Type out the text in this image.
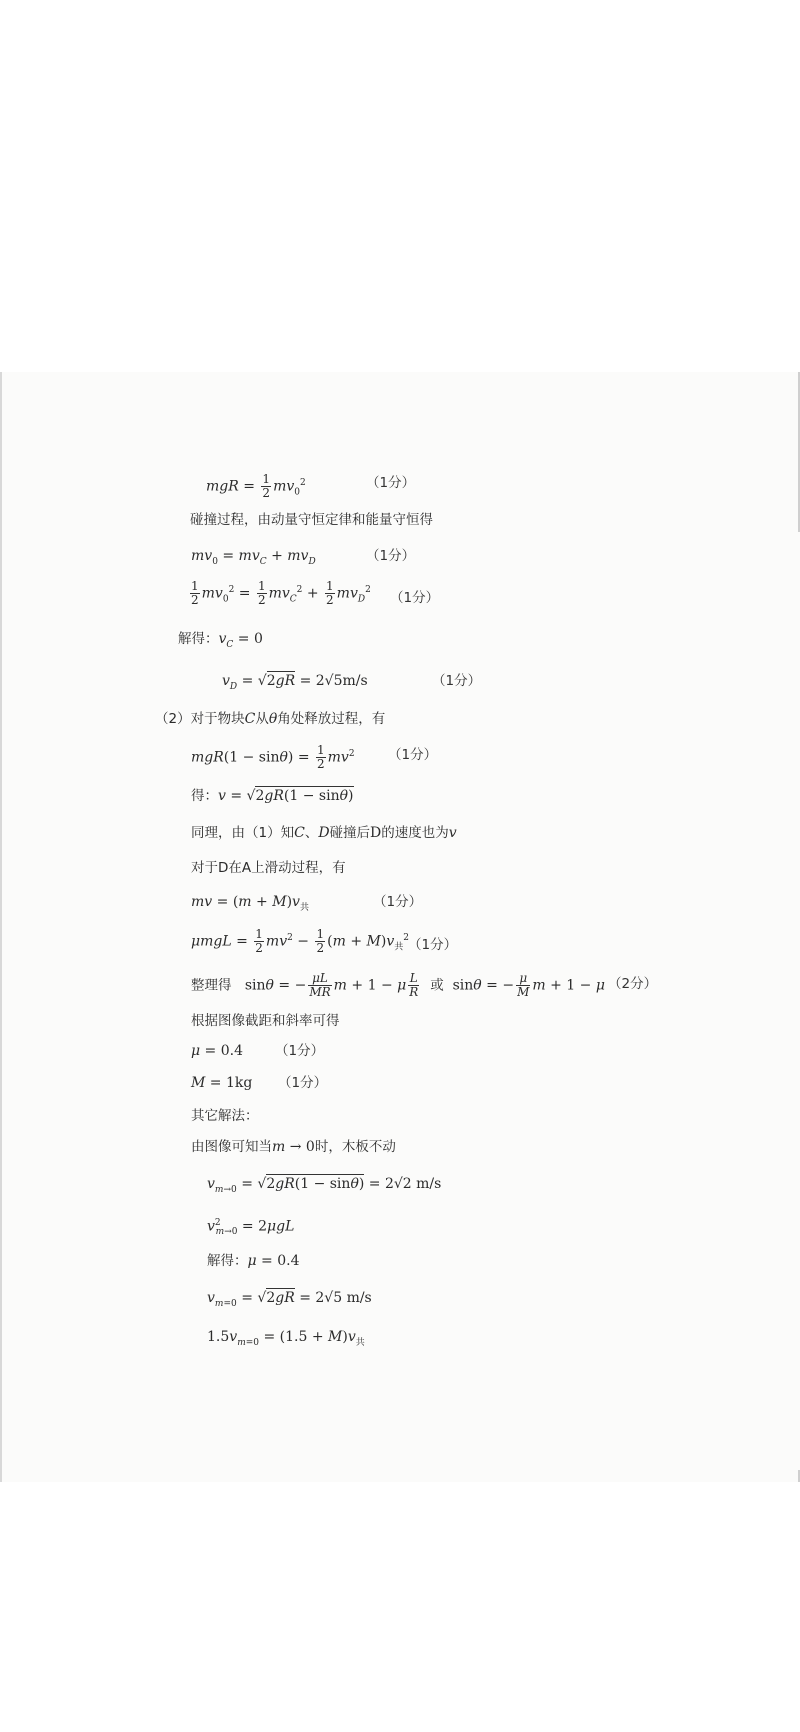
mgR = $\frac{1}{2} mv_0^2$	（1分）
碰撞过程，由动量守恒定律和能量守恒得
$mv_0 = mv_C + mv_D$	（1分）
$\frac{1}{2} mv_0^2 = \frac{1}{2} mv_C^2 + \frac{1}{2} mv_D^2$ （1分）
解得：$v_C = 0$
$v_D = √2gR = 2√5m/s$	（1分）
（2）对于物块C从θ角处释放过程，有
$mgR(1 - \sin\theta) = \frac{1}{2} mv^2$ （1分）
得：v = √2gR(1 − sinθ)
同理，由（1）知C、D碰撞后D的速度也为v
对于D在A上滑动过程，有
mv = $(m + M)v_共$	（1分）
$\mu mgL = \frac{1}{2} mv^2 - \frac{1}{2} (m + M)v_共^2$ （1分）
整理得   sinθ = − $\frac{\mu L}{MR}$ m + 1 − μ $\frac{L}{R}$ 或  sinθ = − $\frac{\mu}{M}$ m + 1 − μ （2分）
根据图像截距和斜率可得
μ = 0.4 （1分）
M = 1kg （1分）
其它解法：
由图像可知当m → 0时，木板不动
$v_{m\to 0} = √2gR(1 - \sin\theta) = 2√2$ m/s
$v^2_{m\to 0} = 2\mu gL$
解得：μ = 0.4
$v_{m=0} = √2gR = 2√5$ m/s
$1.5v_{m=0} = (1.5 + M)v_共$
